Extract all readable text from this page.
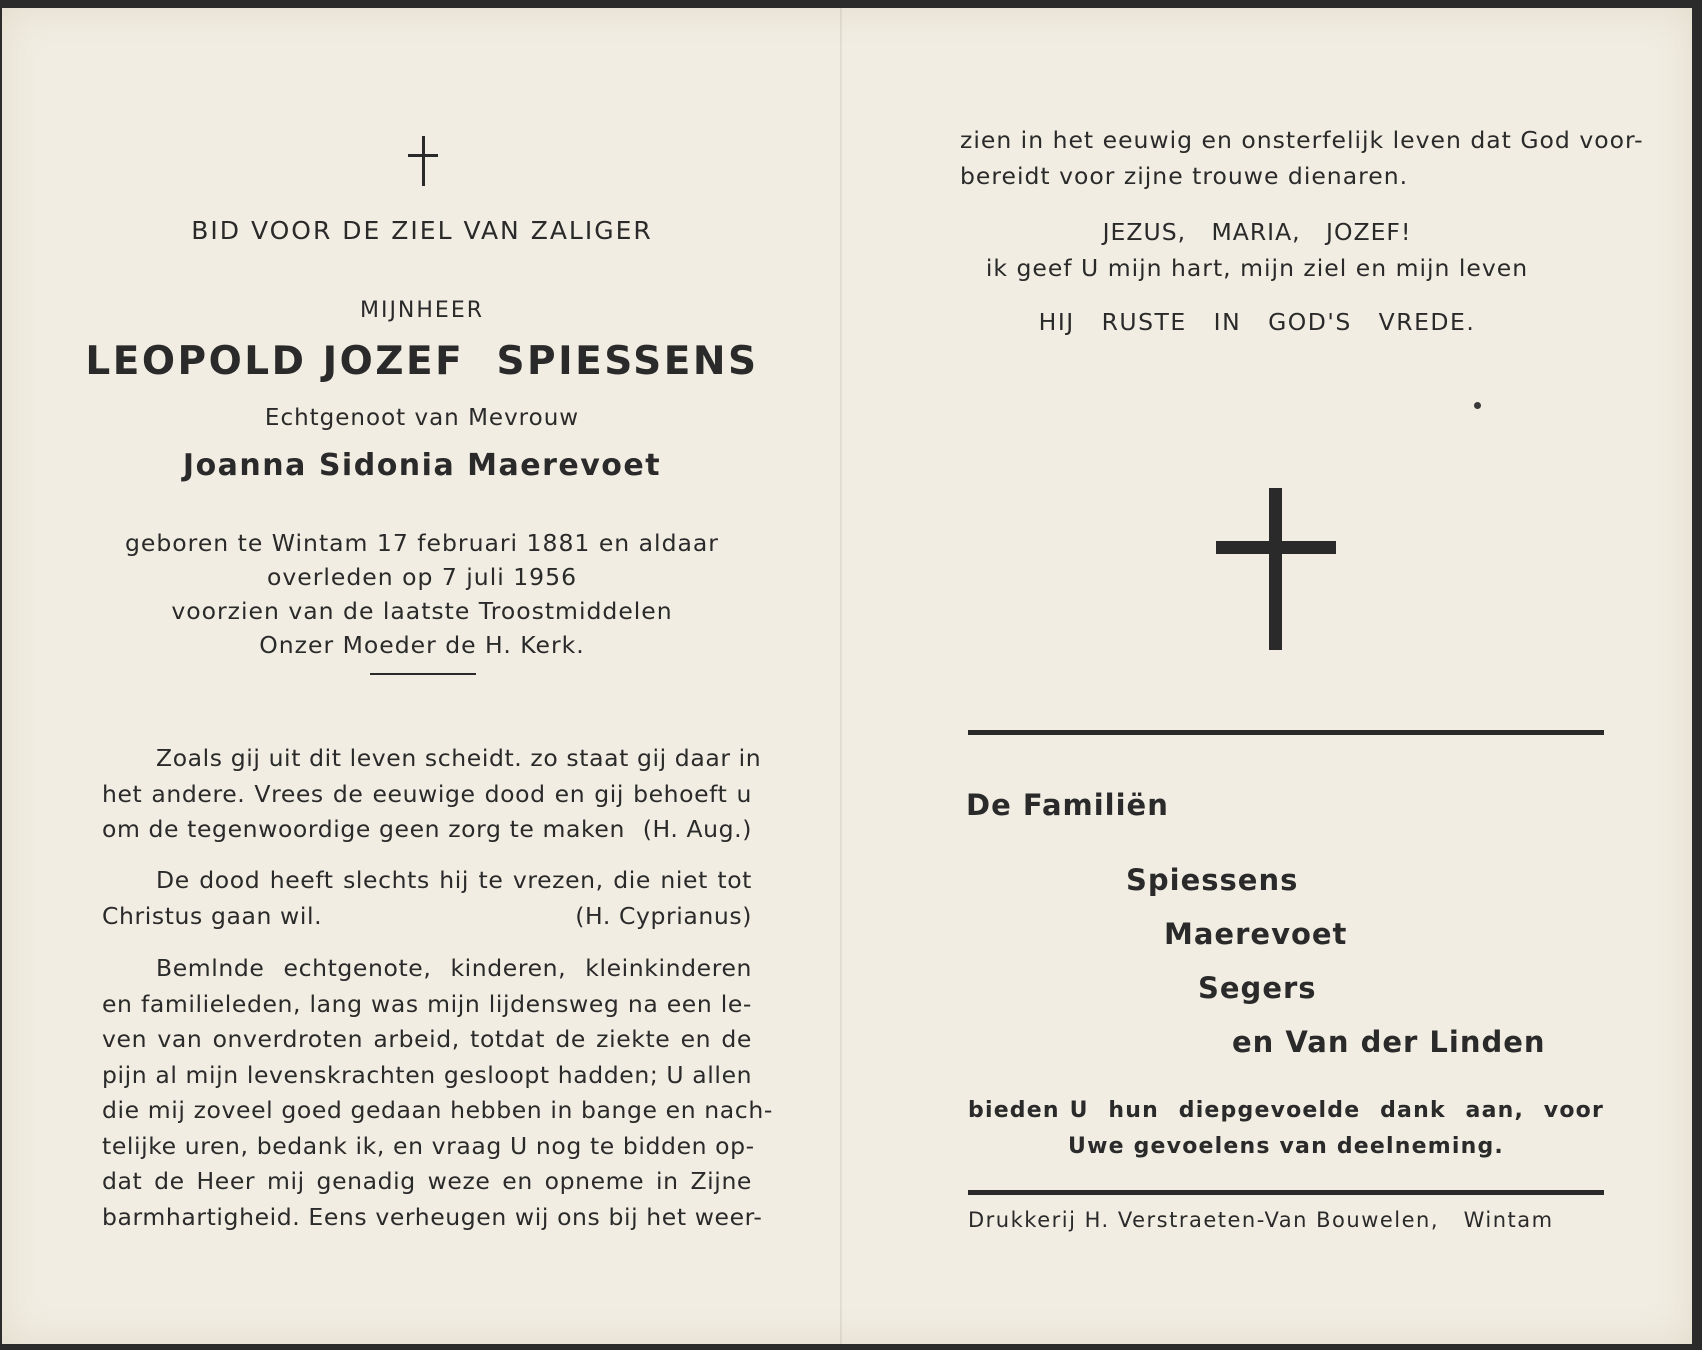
BID VOOR DE ZIEL VAN ZALIGER
MIJNHEER
LEOPOLD JOZEF  SPIESSENS
Echtgenoot van Mevrouw
Joanna Sidonia Maerevoet
geboren te Wintam 17 februari 1881 en aldaar
overleden op 7 juli 1956
voorzien van de laatste Troostmiddelen
Onzer Moeder de H. Kerk.
Zoals gij uit dit leven scheidt. zo staat gij daar in
het andere. Vrees de eeuwige dood en gij behoeft u
om de tegenwoordige geen zorg te maken (H. Aug.)
De dood heeft slechts hij te vrezen, die niet tot
Christus gaan wil.	(H. Cyprianus)
Bemlnde echtgenote, kinderen, kleinkinderen
en familieleden, lang was mijn lijdensweg na een le-
ven van onverdroten arbeid, totdat de ziekte en de
pijn al mijn levenskrachten gesloopt hadden; U allen
die mij zoveel goed gedaan hebben in bange en nach-
telijke uren, bedank ik, en vraag U nog te bidden op-
dat de Heer mij genadig weze en opneme in Zijne
barmhartigheid. Eens verheugen wij ons bij het weer-
zien in het eeuwig en onsterfelijk leven dat God voor-
bereidt voor zijne trouwe dienaren.
JEZUS,   MARIA,   JOZEF!
ik geef U mijn hart, mijn ziel en mijn leven
HIJ   RUSTE   IN   GOD'S   VREDE.
De Familiën
Spiessens
Maerevoet
Segers
en Van der Linden
bieden U  hun  diepgevoelde  dank  aan,  voor
Uwe gevoelens van deelneming.
Drukkerij H. Verstraeten-Van Bouwelen,   Wintam
